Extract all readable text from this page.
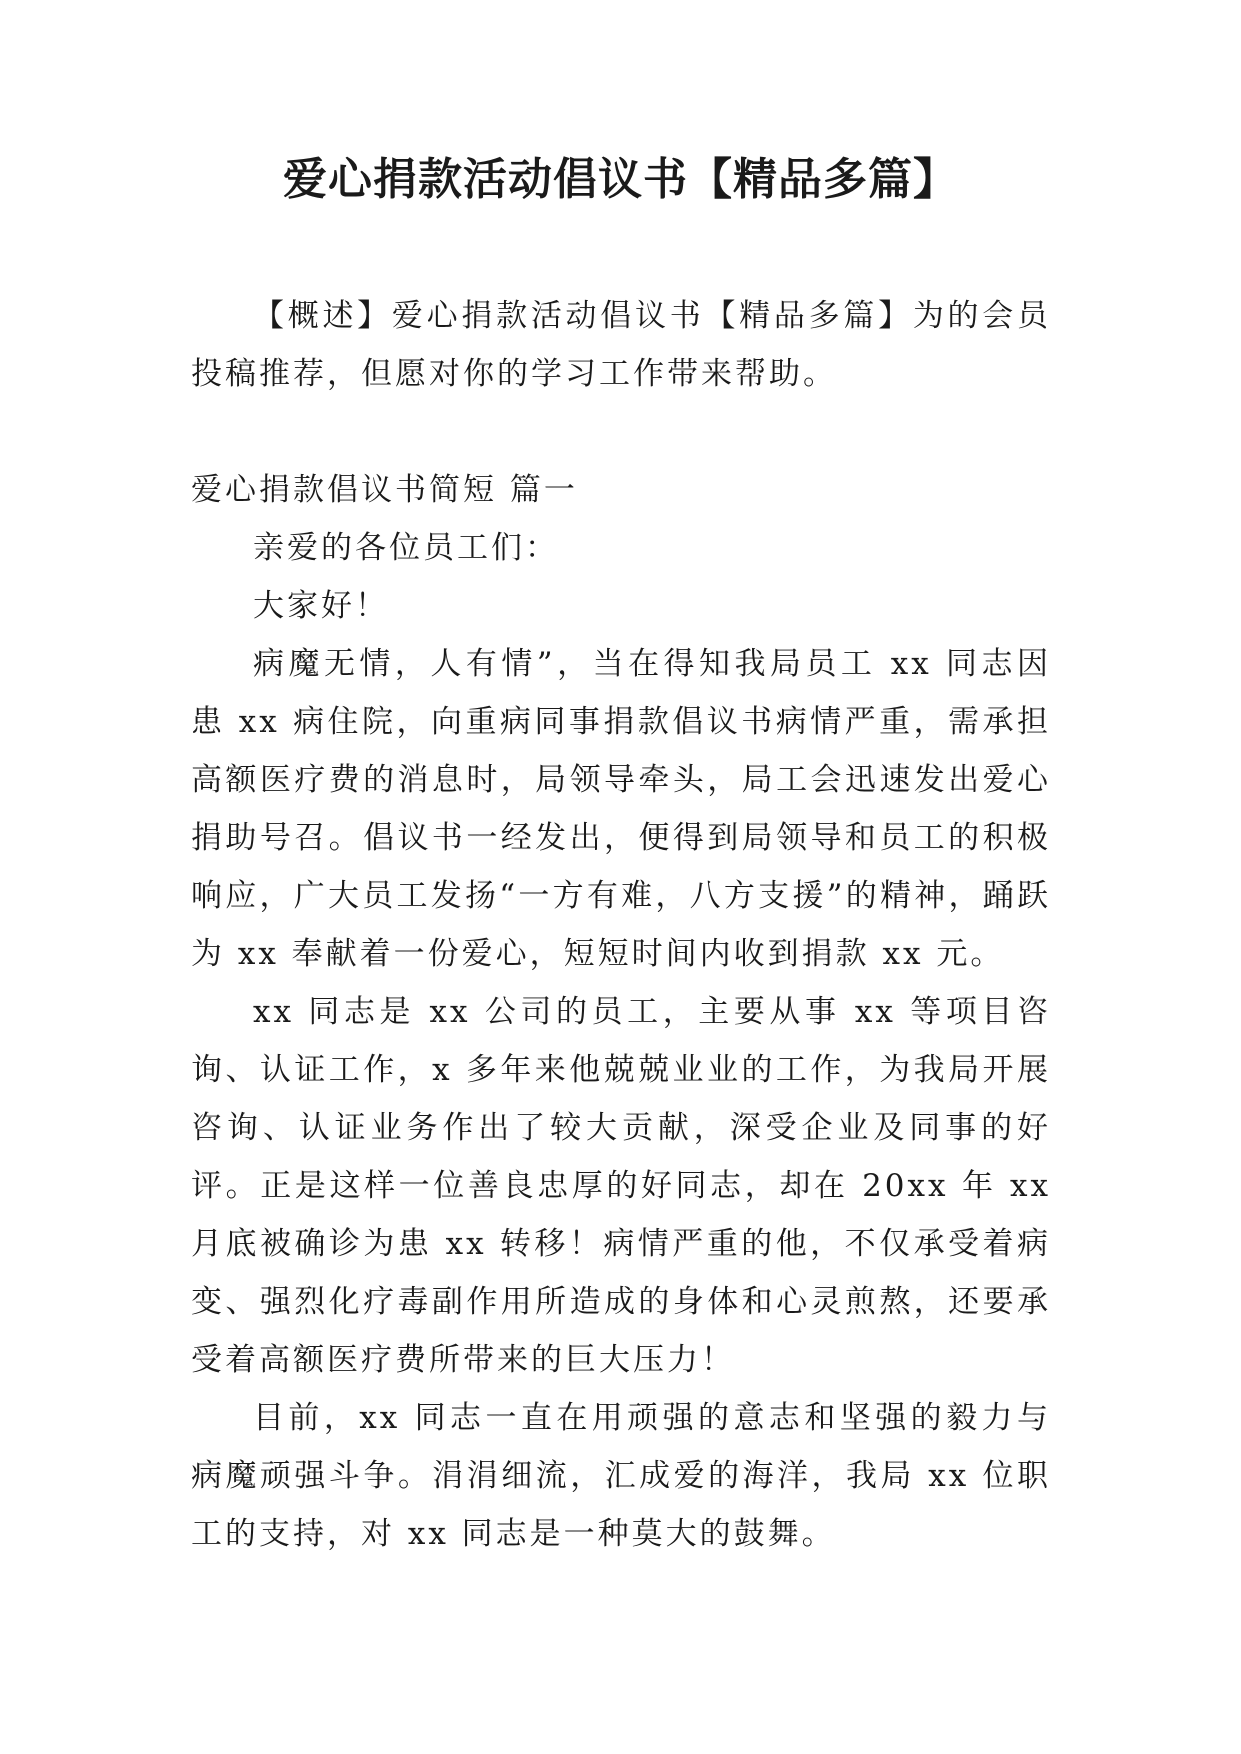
爱心捐款活动倡议书【精品多篇】

【概述】爱心捐款活动倡议书【精品多篇】为的会员投稿推荐，但愿对你的学习工作带来帮助。

爱心捐款倡议书简短 篇一

亲爱的各位员工们：

大家好！

病魔无情，人有情”，当在得知我局员工 xx 同志因患 xx 病住院，向重病同事捐款倡议书病情严重，需承担高额医疗费的消息时，局领导牵头，局工会迅速发出爱心捐助号召。倡议书一经发出，便得到局领导和员工的积极响应，广大员工发扬“一方有难，八方支援”的精神，踊跃为 xx 奉献着一份爱心，短短时间内收到捐款 xx 元。

xx 同志是 xx 公司的员工，主要从事 xx 等项目咨询、认证工作，x 多年来他兢兢业业的工作，为我局开展咨询、认证业务作出了较大贡献，深受企业及同事的好评。正是这样一位善良忠厚的好同志，却在 20xx 年 xx 月底被确诊为患 xx 转移！病情严重的他，不仅承受着病变、强烈化疗毒副作用所造成的身体和心灵煎熬，还要承受着高额医疗费所带来的巨大压力！

目前，xx 同志一直在用顽强的意志和坚强的毅力与病魔顽强斗争。涓涓细流，汇成爱的海洋，我局 xx 位职工的支持，对 xx 同志是一种莫大的鼓舞。
